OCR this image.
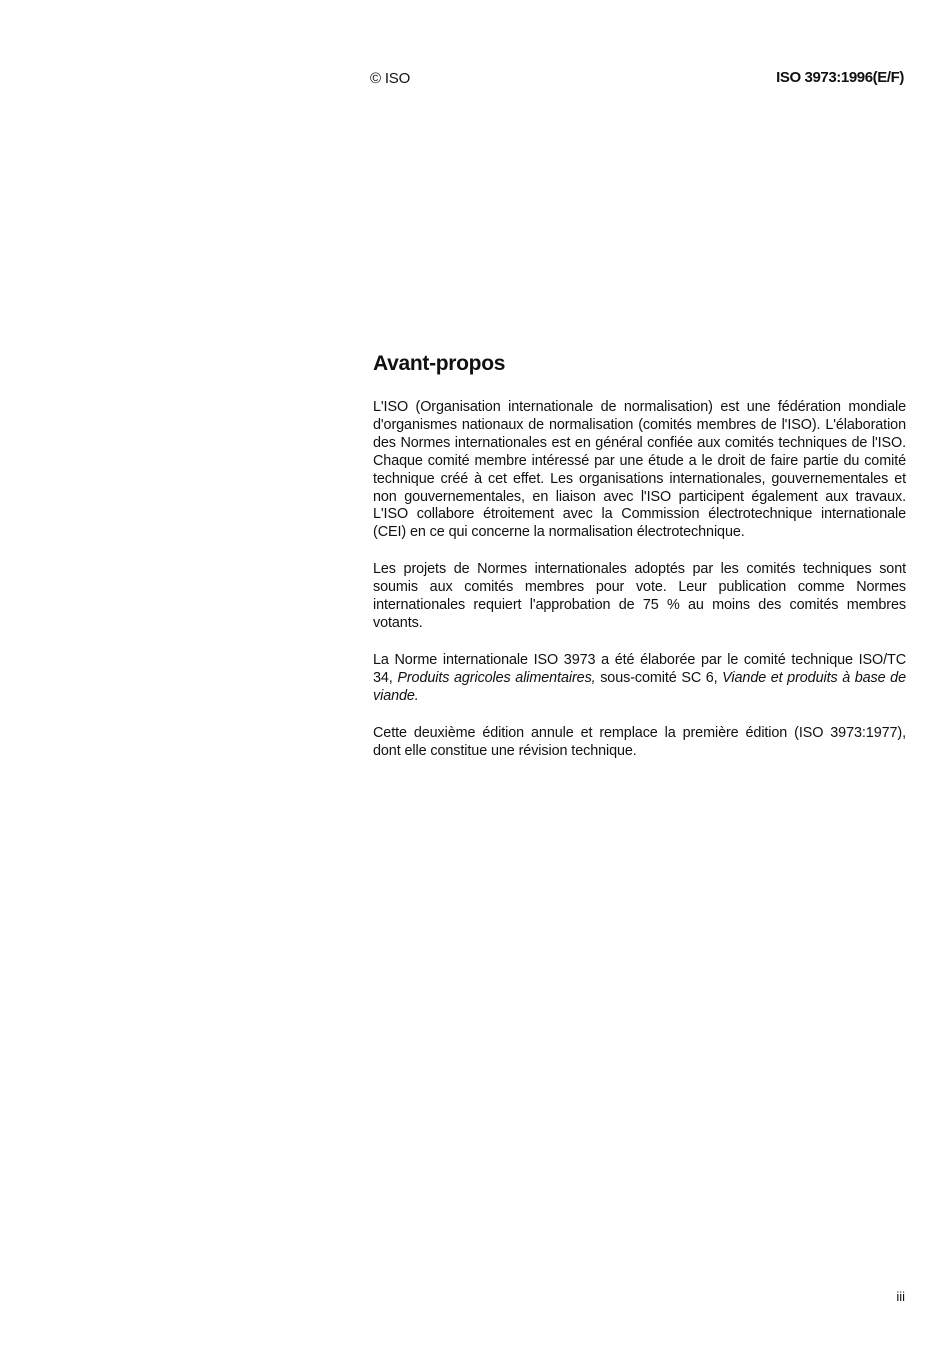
© ISO	ISO 3973:1996(E/F)
Avant-propos

L'ISO (Organisation internationale de normalisation) est une fédération mondiale d'organismes nationaux de normalisation (comités membres de l'ISO). L'élaboration des Normes internationales est en général confiée aux comités techniques de l'ISO. Chaque comité membre intéressé par une étude a le droit de faire partie du comité technique créé à cet effet. Les organisations internationales, gouvernementales et non gouvernementales, en liaison avec l'ISO participent également aux travaux. L'ISO collabore étroitement avec la Commission électrotechnique internationale (CEI) en ce qui concerne la normalisation électrotechnique.

Les projets de Normes internationales adoptés par les comités techniques sont soumis aux comités membres pour vote. Leur publication comme Normes internationales requiert l'approbation de 75 % au moins des comités membres votants.

La Norme internationale ISO 3973 a été élaborée par le comité technique ISO/TC 34, Produits agricoles alimentaires, sous-comité SC 6, Viande et produits à base de viande.

Cette deuxième édition annule et remplace la première édition (ISO 3973:1977), dont elle constitue une révision technique.

iii
